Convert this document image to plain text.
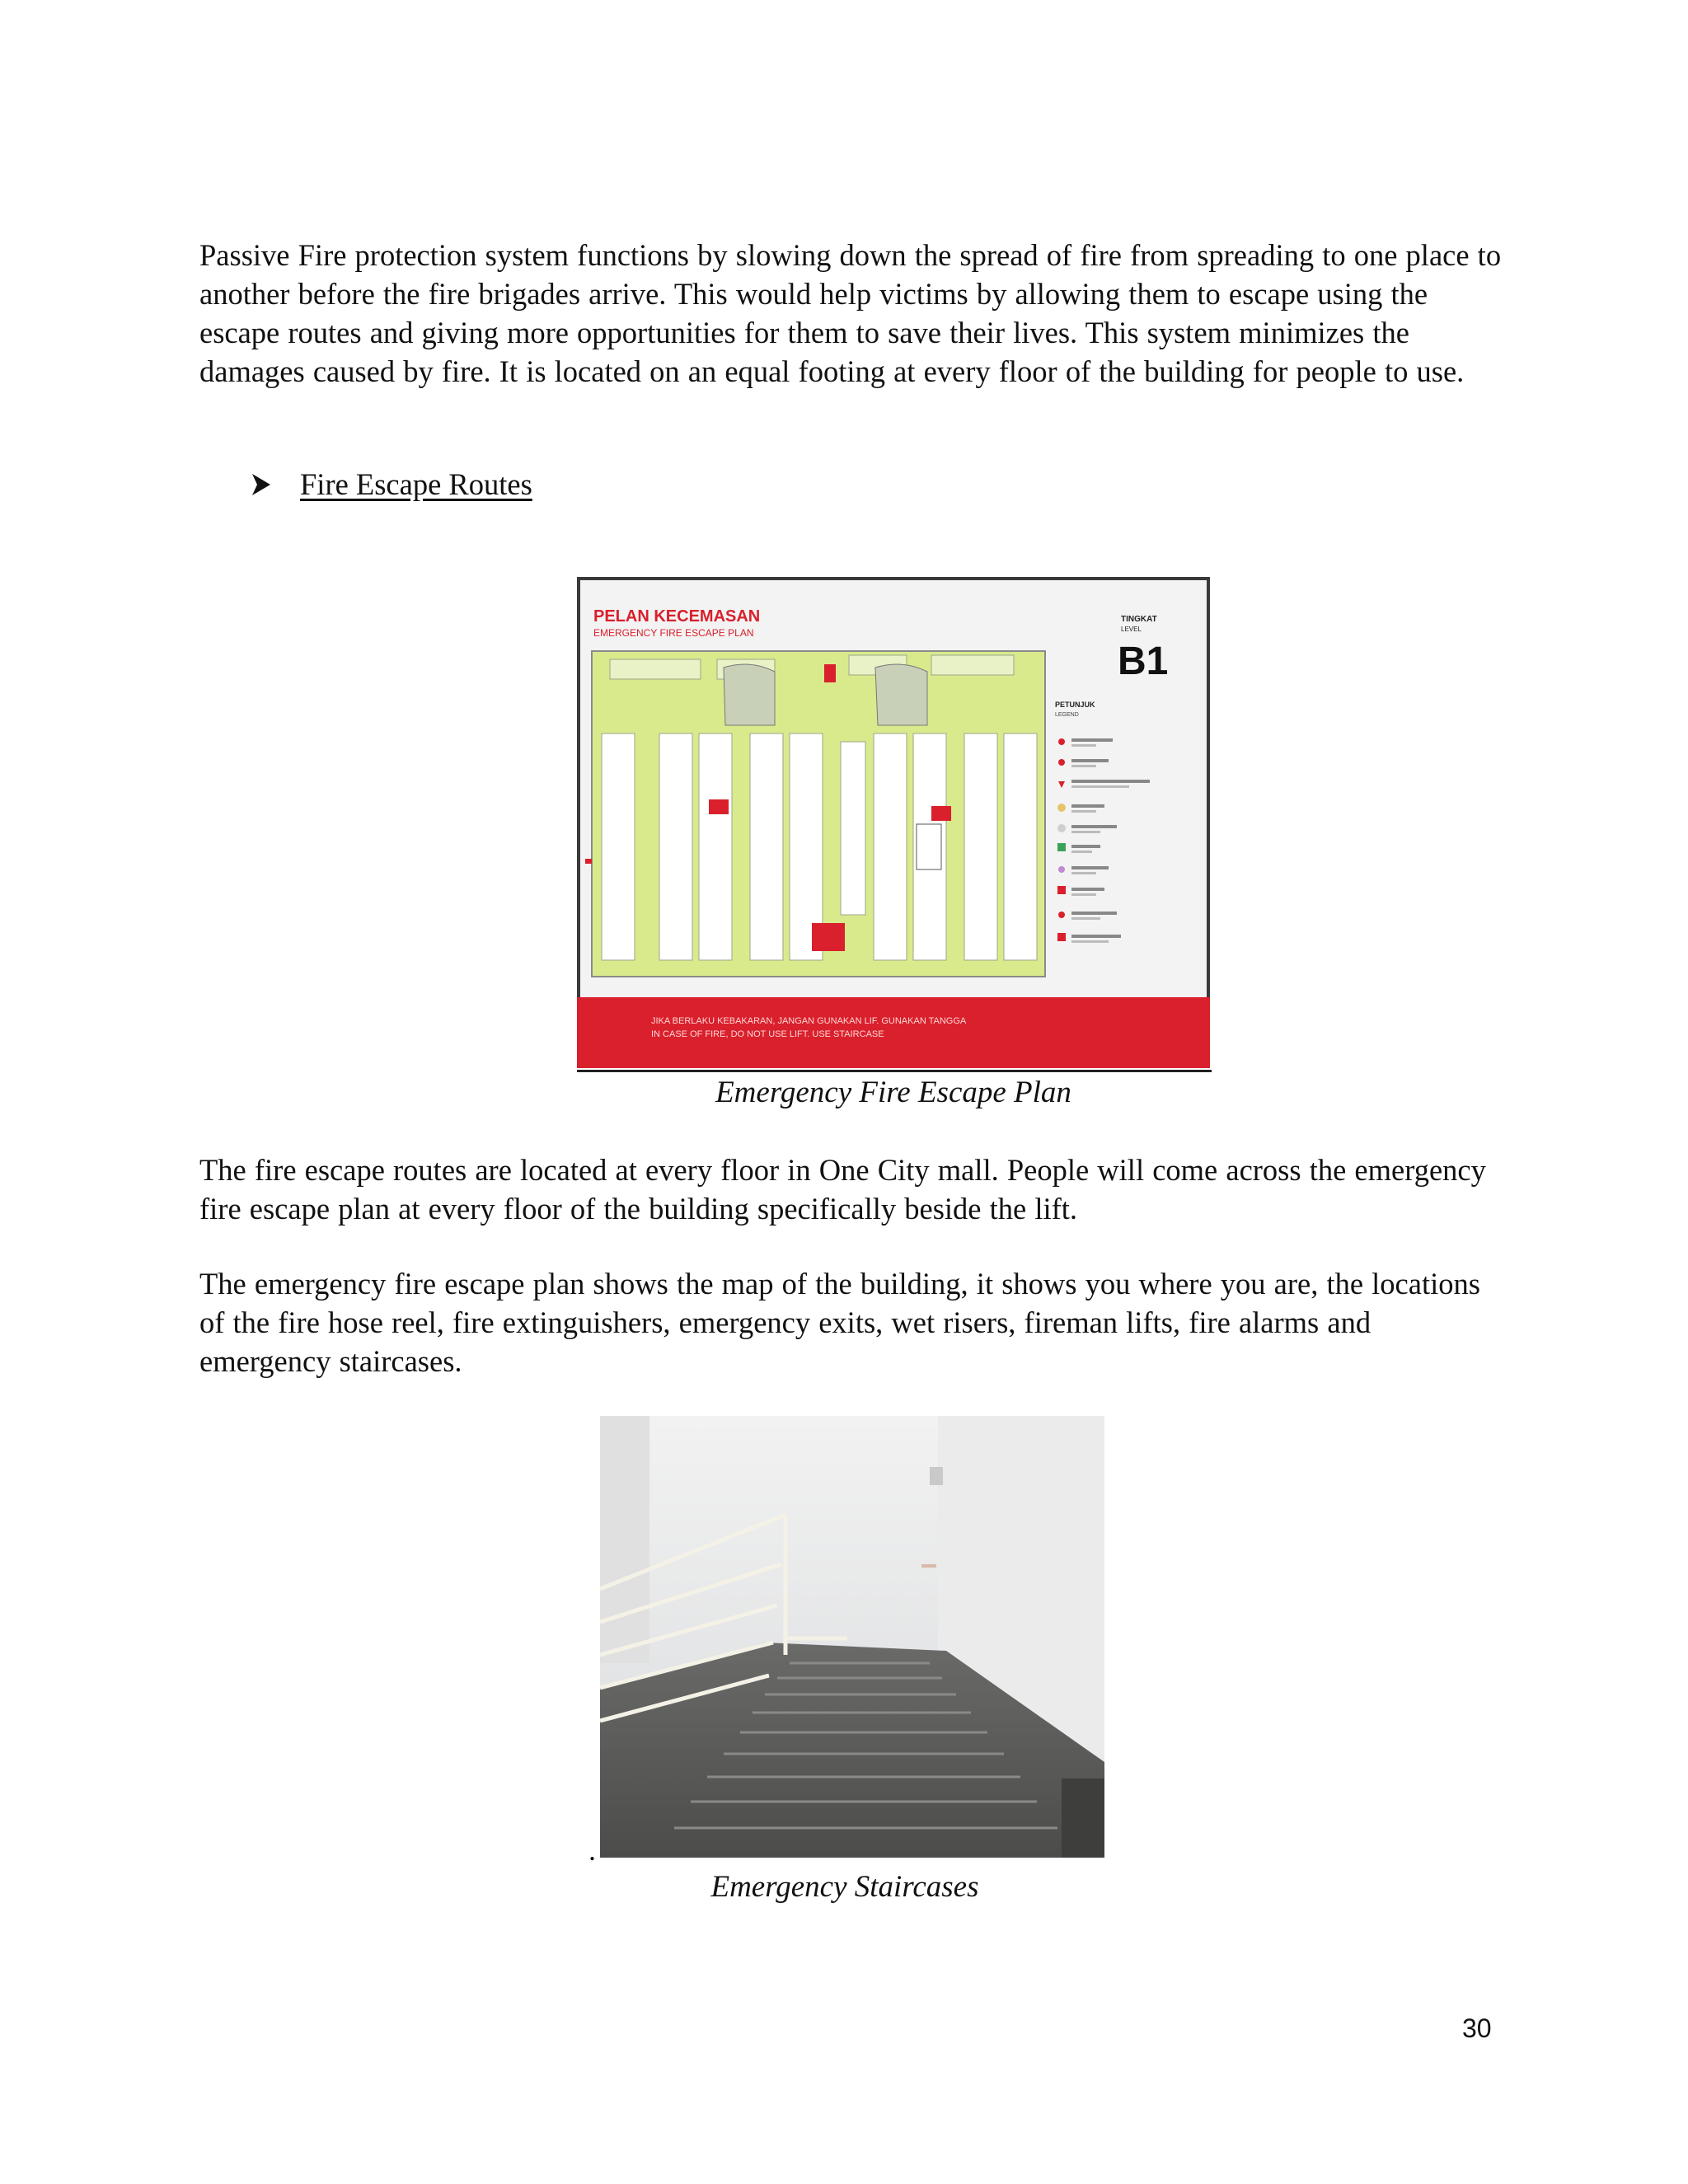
Passive Fire protection system functions by slowing down the spread of fire from spreading to one place to another before the fire brigades arrive. This would help victims by allowing them to escape using the escape routes and giving more opportunities for them to save their lives. This system minimizes the damages caused by fire. It is located on an equal footing at every floor of the building for people to use.

Fire Escape Routes
PELAN KECEMASAN
EMERGENCY FIRE ESCAPE PLAN
TINGKAT
LEVEL
B1
PETUNJUK
LEGEND
JIKA BERLAKU KEBAKARAN, JANGAN GUNAKAN LIF. GUNAKAN TANGGA
IN CASE OF FIRE, DO NOT USE LIFT. USE STAIRCASE
Emergency Fire Escape Plan

The fire escape routes are located at every floor in One City mall. People will come across the emergency fire escape plan at every floor of the building specifically beside the lift.

The emergency fire escape plan shows the map of the building, it shows you where you are, the locations of the fire hose reel, fire extinguishers, emergency exits, wet risers, fireman lifts, fire alarms and emergency staircases.

.
Emergency Staircases
30
